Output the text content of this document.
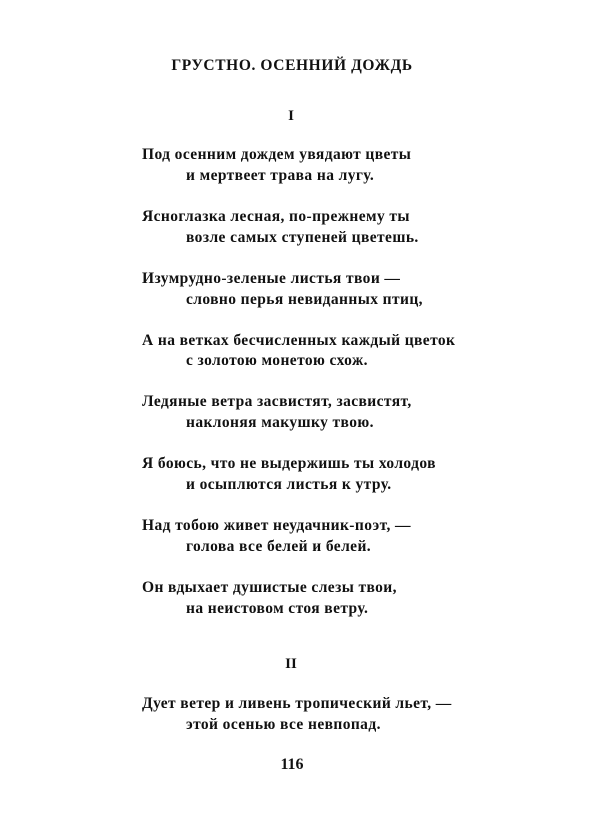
ГРУСТНО. ОСЕННИЙ ДОЖДЬ
I
Под осенним дождем увядают цветы
и мертвеет трава на лугу.
Ясноглазка лесная, по-прежнему ты
возле самых ступеней цветешь.
Изумрудно-зеленые листья твои —
словно перья невиданных птиц,
А на ветках бесчисленных каждый цветок
с золотою монетою схож.
Ледяные ветра засвистят, засвистят,
наклоняя макушку твою.
Я боюсь, что не выдержишь ты холодов
и осыплются листья к утру.
Над тобою живет неудачник-поэт, —
голова все белей и белей.
Он вдыхает душистые слезы твои,
на неистовом стоя ветру.
II
Дует ветер и ливень тропический льет, —
этой осенью все невпопад.
116
